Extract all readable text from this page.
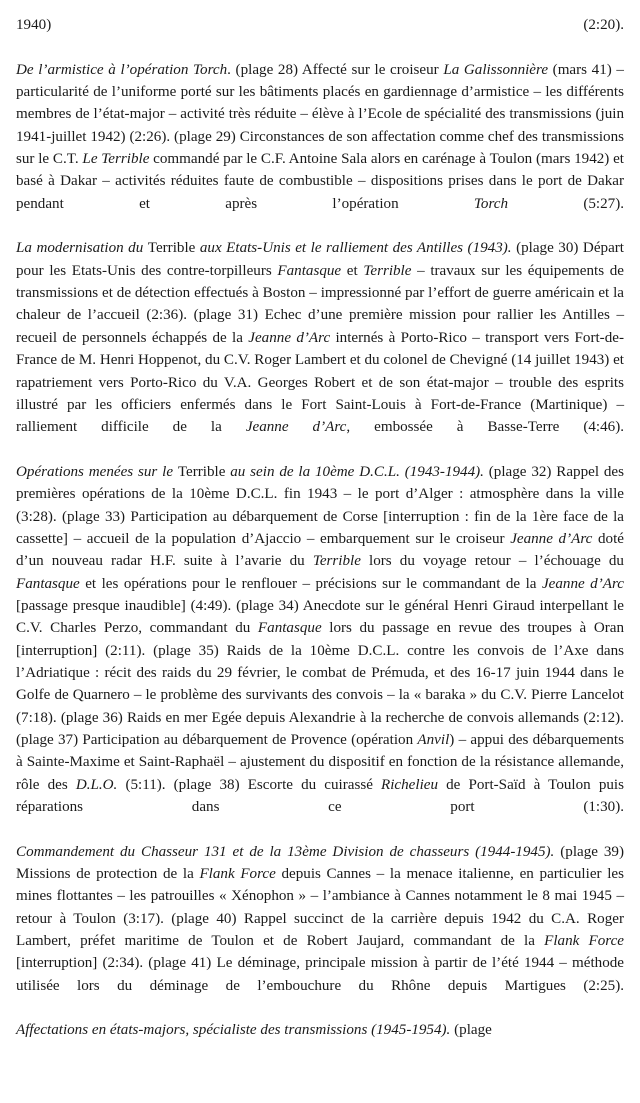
1940) (2:20).
De l’armistice à l’opération Torch. (plage 28) Affecté sur le croiseur La Galissonnière (mars 41) – particularité de l’uniforme porté sur les bâtiments placés en gardiennage d’armistice – les différents membres de l’état-major – activité très réduite – élève à l’Ecole de spécialité des transmissions (juin 1941-juillet 1942) (2:26). (plage 29) Circonstances de son affectation comme chef des transmissions sur le C.T. Le Terrible commandé par le C.F. Antoine Sala alors en carénage à Toulon (mars 1942) et basé à Dakar – activités réduites faute de combustible – dispositions prises dans le port de Dakar pendant et après l’opération Torch (5:27).
La modernisation du Terrible aux Etats-Unis et le ralliement des Antilles (1943). (plage 30) Départ pour les Etats-Unis des contre-torpilleurs Fantasque et Terrible – travaux sur les équipements de transmissions et de détection effectués à Boston – impressionné par l’effort de guerre américain et la chaleur de l’accueil (2:36). (plage 31) Echec d’une première mission pour rallier les Antilles – recueil de personnels échappés de la Jeanne d’Arc internés à Porto-Rico – transport vers Fort-de-France de M. Henri Hoppenot, du C.V. Roger Lambert et du colonel de Chevigné (14 juillet 1943) et rapatriement vers Porto-Rico du V.A. Georges Robert et de son état-major – trouble des esprits illustré par les officiers enfermés dans le Fort Saint-Louis à Fort-de-France (Martinique) – ralliement difficile de la Jeanne d’Arc, embossée à Basse-Terre (4:46).
Opérations menées sur le Terrible au sein de la 10ème D.C.L. (1943-1944). (plage 32) Rappel des premières opérations de la 10ème D.C.L. fin 1943 – le port d’Alger : atmosphère dans la ville (3:28). (plage 33) Participation au débarquement de Corse [interruption : fin de la 1ère face de la cassette] – accueil de la population d’Ajaccio – embarquement sur le croiseur Jeanne d’Arc doté d’un nouveau radar H.F. suite à l’avarie du Terrible lors du voyage retour – l’échouage du Fantasque et les opérations pour le renflouer – précisions sur le commandant de la Jeanne d’Arc [passage presque inaudible] (4:49). (plage 34) Anecdote sur le général Henri Giraud interpellant le C.V. Charles Perzo, commandant du Fantasque lors du passage en revue des troupes à Oran [interruption] (2:11). (plage 35) Raids de la 10ème D.C.L. contre les convois de l’Axe dans l’Adriatique : récit des raids du 29 février, le combat de Prémuda, et des 16-17 juin 1944 dans le Golfe de Quarnero – le problème des survivants des convois – la « baraka » du C.V. Pierre Lancelot (7:18). (plage 36) Raids en mer Egée depuis Alexandrie à la recherche de convois allemands (2:12). (plage 37) Participation au débarquement de Provence (opération Anvil) – appui des débarquements à Sainte-Maxime et Saint-Raphaël – ajustement du dispositif en fonction de la résistance allemande, rôle des D.L.O. (5:11). (plage 38) Escorte du cuirassé Richelieu de Port-Saïd à Toulon puis réparations dans ce port (1:30).
Commandement du Chasseur 131 et de la 13ème Division de chasseurs (1944-1945). (plage 39) Missions de protection de la Flank Force depuis Cannes – la menace italienne, en particulier les mines flottantes – les patrouilles « Xénophon » – l’ambiance à Cannes notamment le 8 mai 1945 – retour à Toulon (3:17). (plage 40) Rappel succinct de la carrière depuis 1942 du C.A. Roger Lambert, préfet maritime de Toulon et de Robert Jaujard, commandant de la Flank Force [interruption] (2:34). (plage 41) Le déminage, principale mission à partir de l’été 1944 – méthode utilisée lors du déminage de l’embouchure du Rhône depuis Martigues (2:25).
Affectations en états-majors, spécialiste des transmissions (1945-1954). (plage
